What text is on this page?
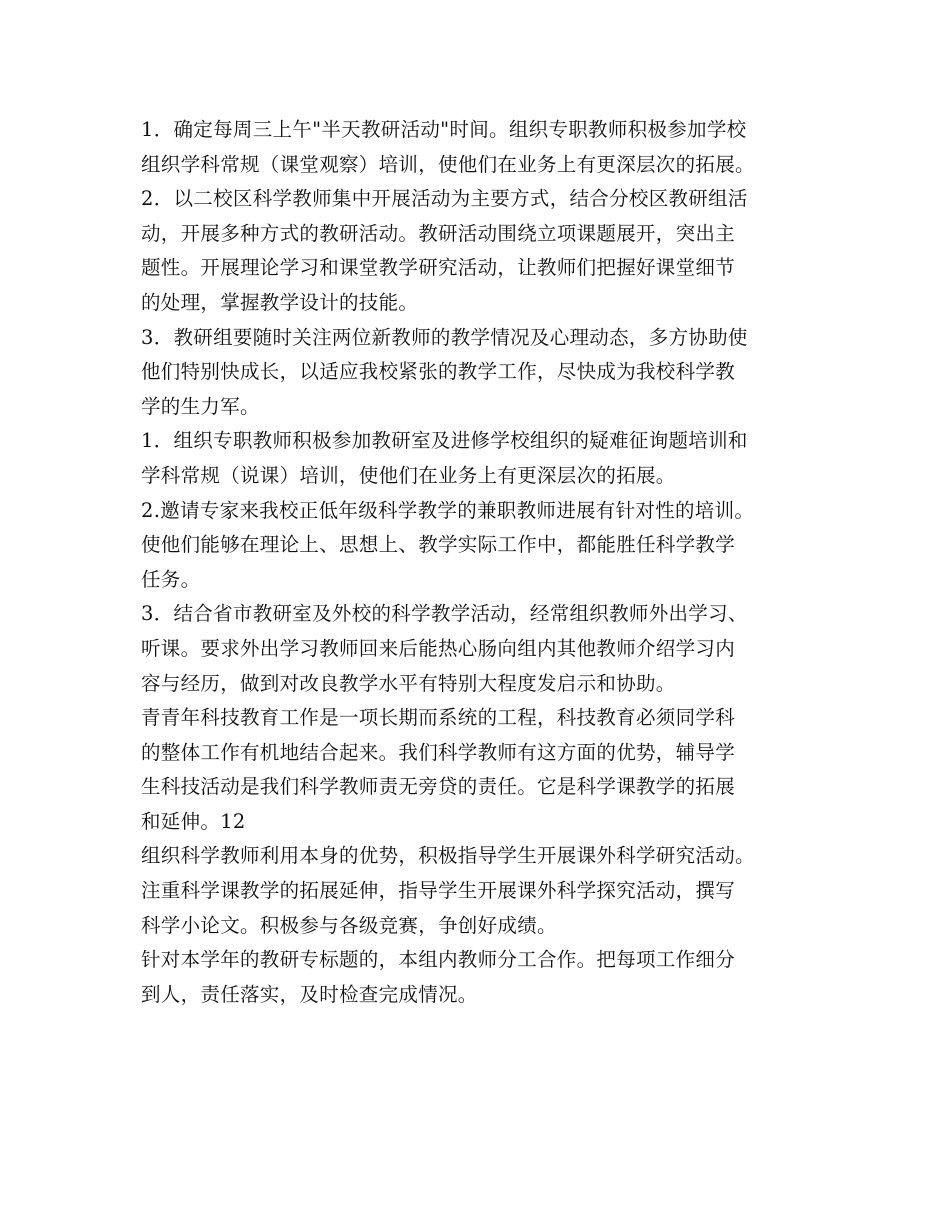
1．确定每周三上午"半天教研活动"时间。组织专职教师积极参加学校
组织学科常规（课堂观察）培训，使他们在业务上有更深层次的拓展。
2．以二校区科学教师集中开展活动为主要方式，结合分校区教研组活
动，开展多种方式的教研活动。教研活动围绕立项课题展开，突出主
题性。开展理论学习和课堂教学研究活动，让教师们把握好课堂细节
的处理，掌握教学设计的技能。
3．教研组要随时关注两位新教师的教学情况及心理动态，多方协助使
他们特别快成长，以适应我校紧张的教学工作，尽快成为我校科学教
学的生力军。
1．组织专职教师积极参加教研室及进修学校组织的疑难征询题培训和
学科常规（说课）培训，使他们在业务上有更深层次的拓展。
2.邀请专家来我校正低年级科学教学的兼职教师进展有针对性的培训。
使他们能够在理论上、思想上、教学实际工作中，都能胜任科学教学
任务。
3．结合省市教研室及外校的科学教学活动，经常组织教师外出学习、
听课。要求外出学习教师回来后能热心肠向组内其他教师介绍学习内
容与经历，做到对改良教学水平有特别大程度发启示和协助。
青青年科技教育工作是一项长期而系统的工程，科技教育必须同学科
的整体工作有机地结合起来。我们科学教师有这方面的优势，辅导学
生科技活动是我们科学教师责无旁贷的责任。它是科学课教学的拓展
和延伸。12
组织科学教师利用本身的优势，积极指导学生开展课外科学研究活动。
注重科学课教学的拓展延伸，指导学生开展课外科学探究活动，撰写
科学小论文。积极参与各级竞赛，争创好成绩。
针对本学年的教研专标题的，本组内教师分工合作。把每项工作细分
到人，责任落实，及时检查完成情况。
